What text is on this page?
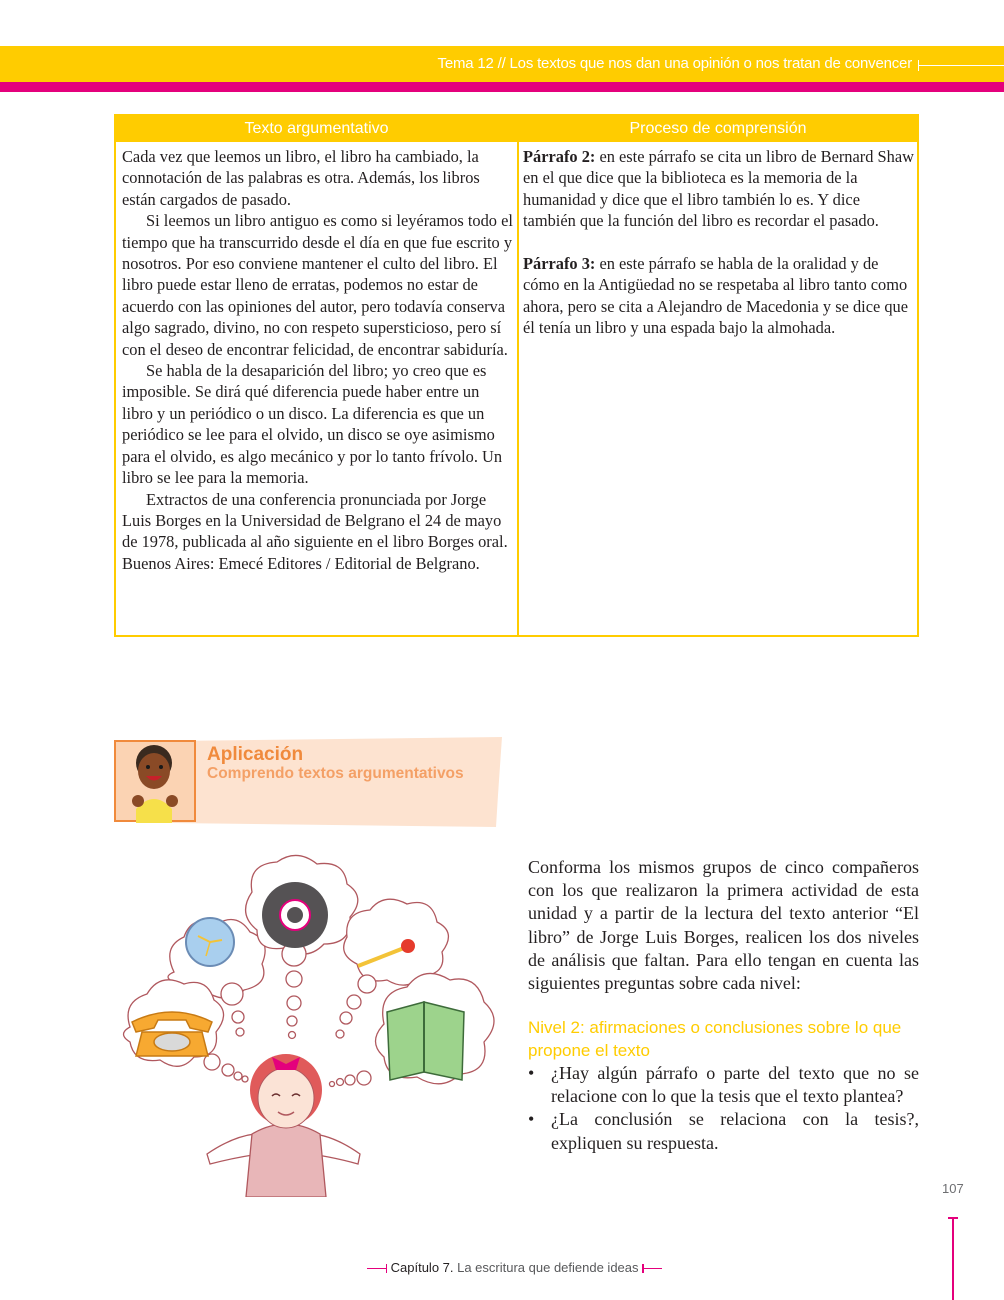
Tema 12 // Los textos que nos dan una opinión o nos tratan de convencer
Texto argumentativo	Proceso de comprensión

Cada vez que leemos un libro, el libro ha cambiado, la connotación de las palabras es otra. Además, los libros están cargados de pasado.

Si leemos un libro antiguo es como si leyéramos todo el tiempo que ha transcurrido desde el día en que fue escrito y nosotros. Por eso conviene mantener el culto del libro. El libro puede estar lleno de erratas, podemos no estar de acuerdo con las opiniones del autor, pero todavía conserva algo sagrado, divino, no con respeto supersticioso, pero sí con el deseo de encontrar felicidad, de encontrar sabiduría.

Se habla de la desaparición del libro; yo creo que es imposible. Se dirá qué diferencia puede haber entre un libro y un periódico o un disco. La diferencia es que un periódico se lee para el olvido, un disco se oye asimismo para el olvido, es algo mecánico y por lo tanto frívolo. Un libro se lee para la memoria.

Extractos de una conferencia pronunciada por Jorge Luis Borges en la Universidad de Belgrano el 24 de mayo de 1978, publicada al año siguiente en el libro Borges oral. Buenos Aires: Emecé Editores / Editorial de Belgrano.

Párrafo 2: en este párrafo se cita un libro de Bernard Shaw en el que dice que la biblioteca es la memoria de la humanidad y dice que el libro también lo es. Y dice también que la función del libro es recordar el pasado.

Párrafo 3: en este párrafo se habla de la oralidad y de cómo en la Antigüedad no se respetaba al libro tanto como ahora, pero se cita a Alejandro de Macedonia y se dice que él tenía un libro y una espada bajo la almohada.

Aplicación
Comprendo textos argumentativos

Conforma los mismos grupos de cinco compañeros con los que realizaron la primera actividad de esta unidad y a partir de la lectura del texto anterior “El libro” de Jorge Luis Borges, realicen los dos niveles de análisis que faltan. Para ello tengan en cuenta las siguientes preguntas sobre cada nivel:

Nivel 2: afirmaciones o conclusiones sobre lo que propone el texto
• ¿Hay algún párrafo o parte del texto que no se relacione con lo que la tesis que el texto plantea?
• ¿La conclusión se relaciona con la tesis?, expliquen su respuesta.
107
Capítulo 7. La escritura que defiende ideas
